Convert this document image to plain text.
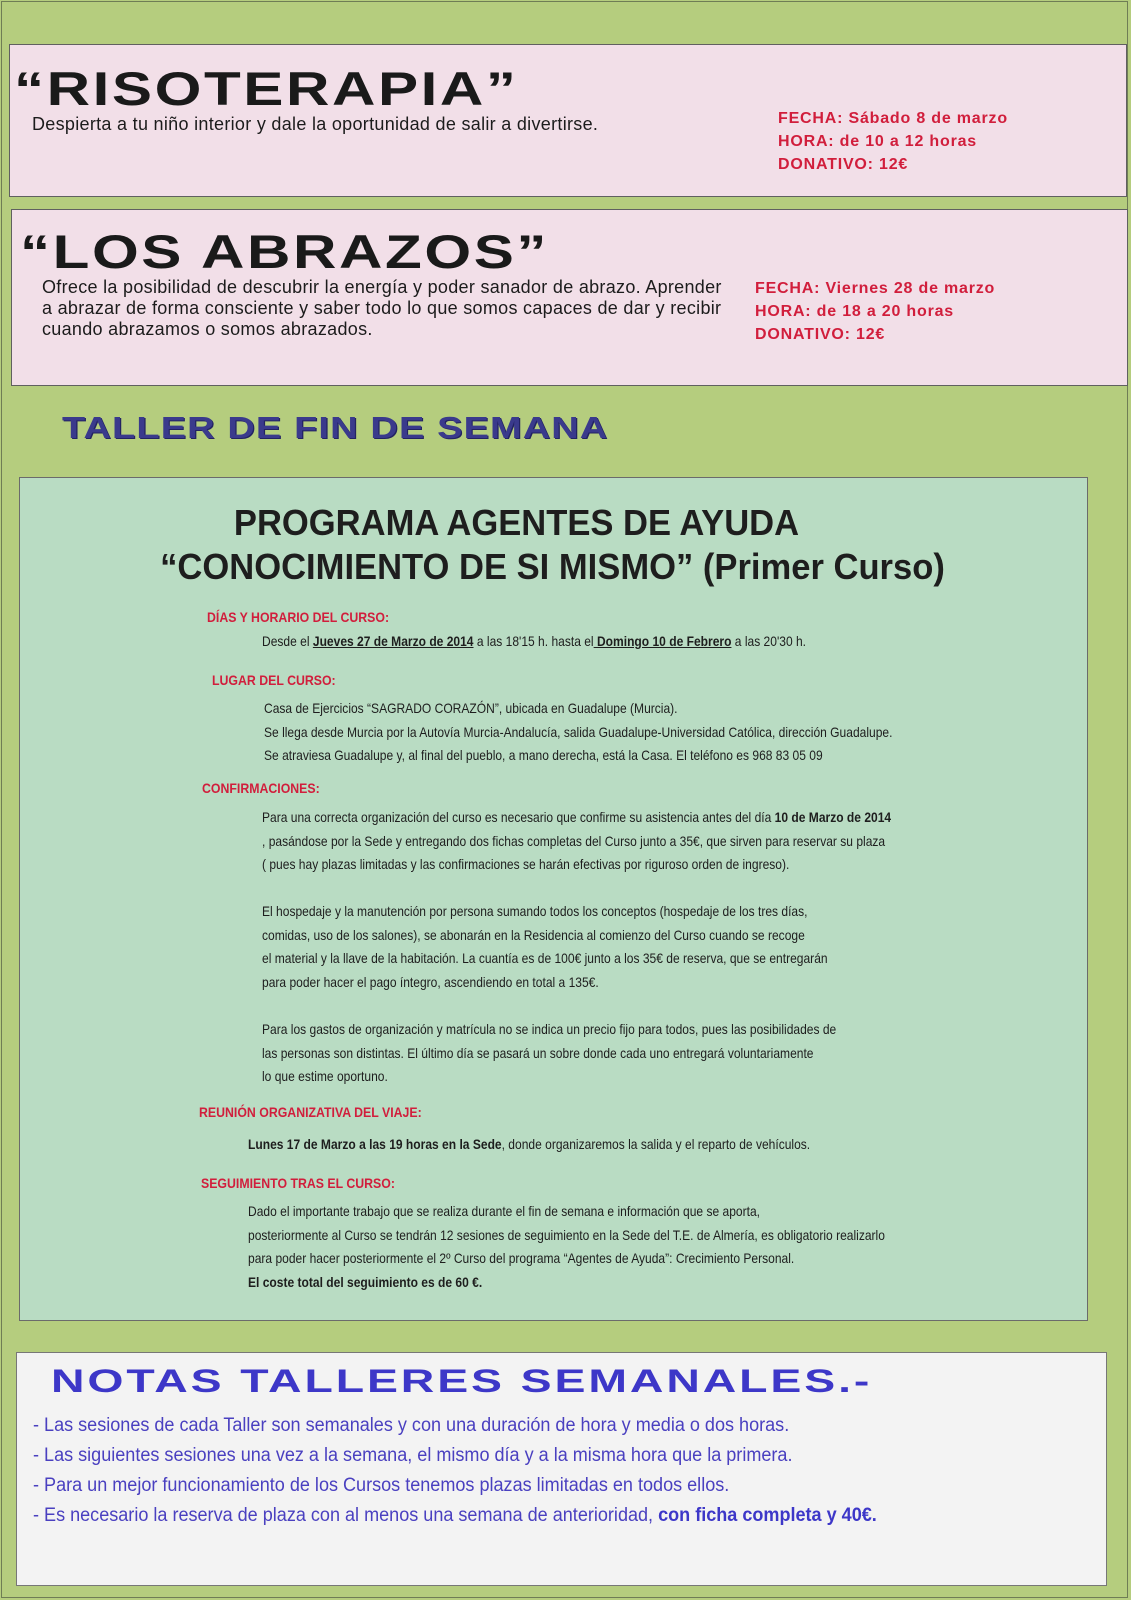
“RISOTERAPIA”

Despierta a tu niño interior y dale la oportunidad de salir a divertirse.	FECHA: Sábado 8 de marzo
HORA: de 10 a 12 horas
DONATIVO: 12€
“LOS ABRAZOS”

Ofrece la posibilidad de descubrir la energía y poder sanador de abrazo. Aprender a abrazar de forma consciente y saber todo lo que somos capaces de dar y recibir cuando abrazamos o somos abrazados.

FECHA: Viernes 28 de marzo
HORA: de 18 a 20 horas
DONATIVO: 12€
TALLER DE FIN DE SEMANA
PROGRAMA AGENTES DE AYUDA
“CONOCIMIENTO DE SI MISMO” (Primer Curso)
DÍAS Y HORARIO DEL CURSO:

Desde el Jueves 27 de Marzo de 2014 a las 18'15 h. hasta el Domingo 10 de Febrero a las 20'30 h.

LUGAR DEL CURSO:

Casa de Ejercicios “SAGRADO CORAZÓN”, ubicada en Guadalupe (Murcia).
Se llega desde Murcia por la Autovía Murcia-Andalucía, salida Guadalupe-Universidad Católica, dirección Guadalupe.
Se atraviesa Guadalupe y, al final del pueblo, a mano derecha, está la Casa. El teléfono es 968 83 05 09

CONFIRMACIONES:

Para una correcta organización del curso es necesario que confirme su asistencia antes del día 10 de Marzo de 2014
, pasándose por la Sede y entregando dos fichas completas del Curso junto a 35€, que sirven para reservar su plaza
( pues hay plazas limitadas y las confirmaciones se harán efectivas por riguroso orden de ingreso).

El hospedaje y la manutención por persona sumando todos los conceptos (hospedaje de los tres días,
comidas, uso de los salones), se abonarán en la Residencia al comienzo del Curso cuando se recoge
el material y la llave de la habitación. La cuantía es de 100€ junto a los 35€ de reserva, que se entregarán
para poder hacer el pago íntegro, ascendiendo en total a 135€.

Para los gastos de organización y matrícula no se indica un precio fijo para todos, pues las posibilidades de
las personas son distintas. El último día se pasará un sobre donde cada uno entregará voluntariamente
lo que estime oportuno.

REUNIÓN ORGANIZATIVA DEL VIAJE:

Lunes 17 de Marzo a las 19 horas en la Sede, donde organizaremos la salida y el reparto de vehículos.

SEGUIMIENTO TRAS EL CURSO:

Dado el importante trabajo que se realiza durante el fin de semana e información que se aporta,
posteriormente al Curso se tendrán 12 sesiones de seguimiento en la Sede del T.E. de Almería, es obligatorio realizarlo
para poder hacer posteriormente el 2º Curso del programa “Agentes de Ayuda”: Crecimiento Personal.
El coste total del seguimiento es de 60 €.

NOTAS TALLERES SEMANALES.-
- Las sesiones de cada Taller son semanales y con una duración de hora y media o dos horas.
- Las siguientes sesiones una vez a la semana, el mismo día y a la misma hora que la primera.
- Para un mejor funcionamiento de los Cursos tenemos plazas limitadas en todos ellos.
- Es necesario la reserva de plaza con al menos una semana de anterioridad, con ficha completa y 40€.
